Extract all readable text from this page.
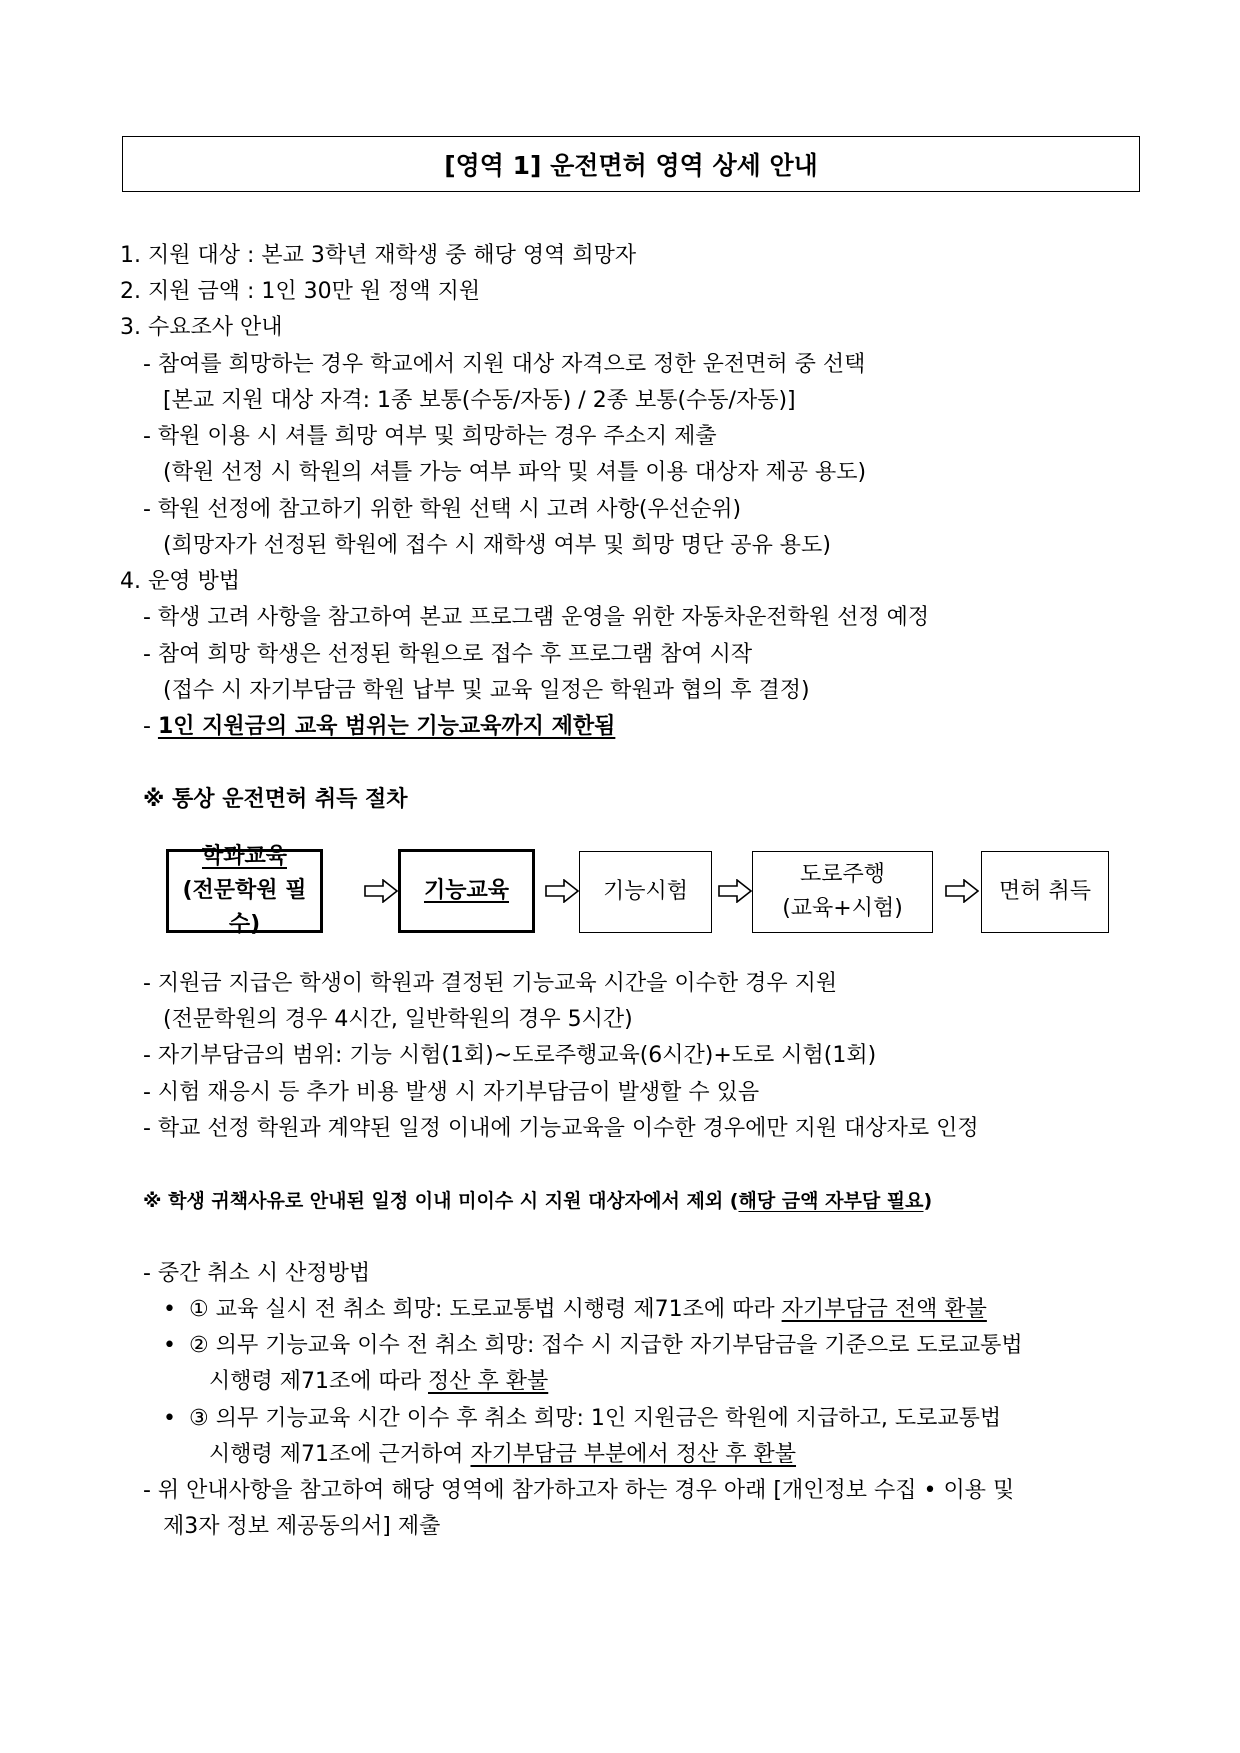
[영역 1] 운전면허 영역 상세 안내
1. 지원 대상 : 본교 3학년 재학생 중 해당 영역 희망자
2. 지원 금액 : 1인 30만 원 정액 지원
3. 수요조사 안내
- 참여를 희망하는 경우 학교에서 지원 대상 자격으로 정한 운전면허 중 선택
[본교 지원 대상 자격: 1종 보통(수동/자동) / 2종 보통(수동/자동)]
- 학원 이용 시 셔틀 희망 여부 및 희망하는 경우 주소지 제출
(학원 선정 시 학원의 셔틀 가능 여부 파악 및 셔틀 이용 대상자 제공 용도)
- 학원 선정에 참고하기 위한 학원 선택 시 고려 사항(우선순위)
(희망자가 선정된 학원에 접수 시 재학생 여부 및 희망 명단 공유 용도)
4. 운영 방법
- 학생 고려 사항을 참고하여 본교 프로그램 운영을 위한 자동차운전학원 선정 예정
- 참여 희망 학생은 선정된 학원으로 접수 후 프로그램 참여 시작
(접수 시 자기부담금 학원 납부 및 교육 일정은 학원과 협의 후 결정)
- 1인 지원금의 교육 범위는 기능교육까지 제한됨
※ 통상 운전면허 취득 절차
학과교육
(전문학원 필수)
기능교육	기능시험
도로주행
(교육+시험)
면허 취득
- 지원금 지급은 학생이 학원과 결정된 기능교육 시간을 이수한 경우 지원
(전문학원의 경우 4시간, 일반학원의 경우 5시간)
- 자기부담금의 범위: 기능 시험(1회)~도로주행교육(6시간)+도로 시험(1회)
- 시험 재응시 등 추가 비용 발생 시 자기부담금이 발생할 수 있음
- 학교 선정 학원과 계약된 일정 이내에 기능교육을 이수한 경우에만 지원 대상자로 인정
※ 학생 귀책사유로 안내된 일정 이내 미이수 시 지원 대상자에서 제외 (해당 금액 자부담 필요)
- 중간 취소 시 산정방법
• ① 교육 실시 전 취소 희망: 도로교통법 시행령 제71조에 따라 자기부담금 전액 환불
• ② 의무 기능교육 이수 전 취소 희망: 접수 시 지급한 자기부담금을 기준으로 도로교통법
시행령 제71조에 따라 정산 후 환불
• ③ 의무 기능교육 시간 이수 후 취소 희망: 1인 지원금은 학원에 지급하고, 도로교통법
시행령 제71조에 근거하여 자기부담금 부분에서 정산 후 환불
- 위 안내사항을 참고하여 해당 영역에 참가하고자 하는 경우 아래 [개인정보 수집 • 이용 및
제3자 정보 제공동의서] 제출
